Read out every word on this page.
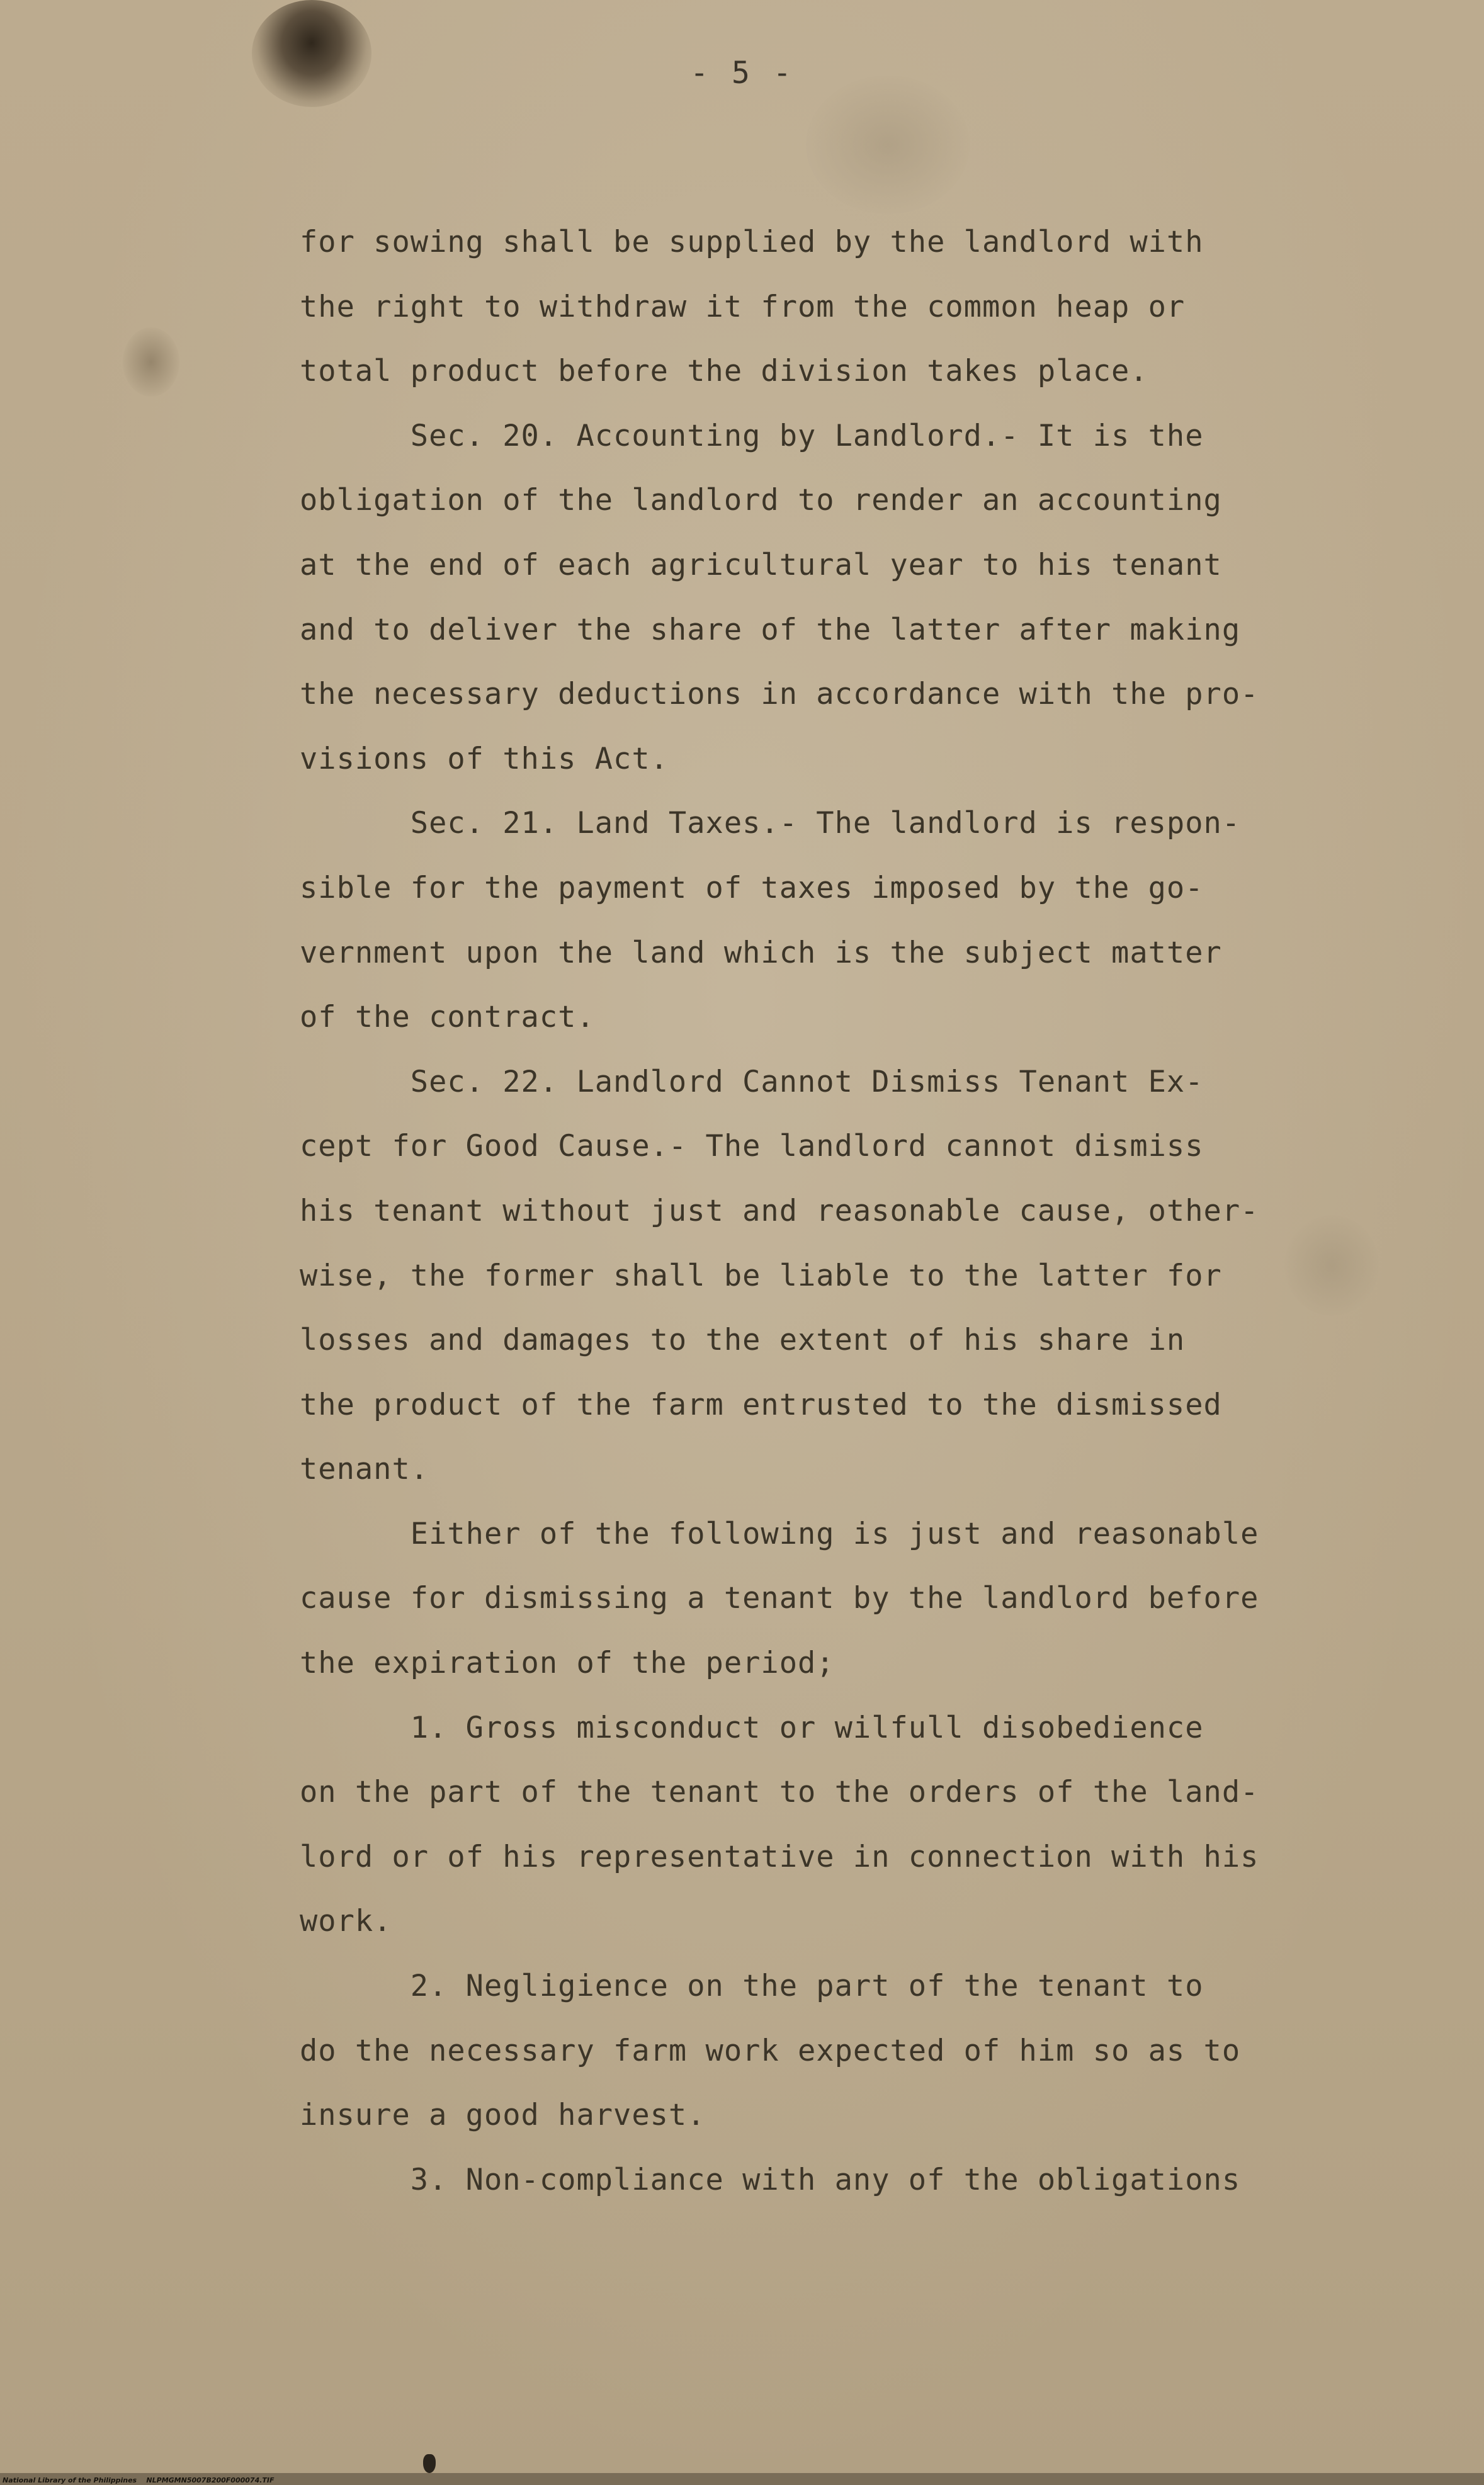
- 5 -
for sowing shall be supplied by the landlord with
the right to withdraw it from the common heap or
total product before the division takes place.
Sec. 20. Accounting by Landlord.- It is the
obligation of the landlord to render an accounting
at the end of each agricultural year to his tenant
and to deliver the share of the latter after making
the necessary deductions in accordance with the pro-
visions of this Act.
Sec. 21. Land Taxes.- The landlord is respon-
sible for the payment of taxes imposed by the go-
vernment upon the land which is the subject matter
of the contract.
Sec. 22. Landlord Cannot Dismiss Tenant Ex-
cept for Good Cause.- The landlord cannot dismiss
his tenant without just and reasonable cause, other-
wise, the former shall be liable to the latter for
losses and damages to the extent of his share in
the product of the farm entrusted to the dismissed
tenant.
Either of the following is just and reasonable
cause for dismissing a tenant by the landlord before
the expiration of the period;
1. Gross misconduct or wilfull disobedience
on the part of the tenant to the orders of the land-
lord or of his representative in connection with his
work.
2. Negligience on the part of the tenant to
do the necessary farm work expected of him so as to
insure a good harvest.
3. Non-compliance with any of the obligations
National Library of the Philippines    NLPMGMN5007B200F000074.TIF
